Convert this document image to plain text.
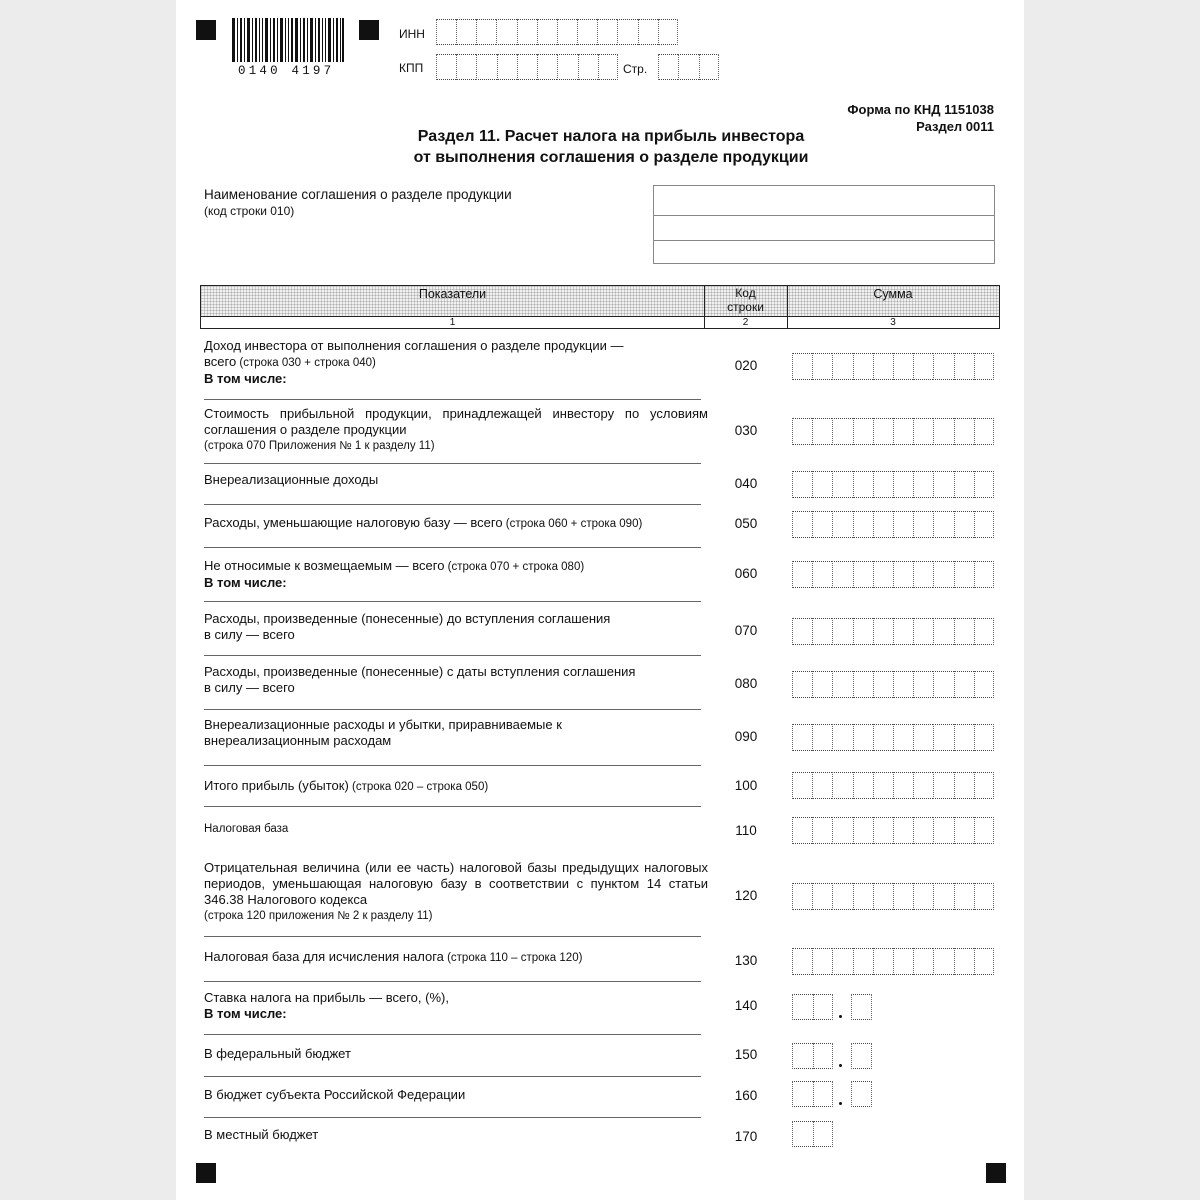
0140 4197
ИНН
КПП	Стр.
Форма по КНД 1151038
Раздел 0011
Раздел 11. Расчет налога на прибыль инвестора
от выполнения соглашения о разделе продукции
Наименование соглашения о разделе продукции
(код строки 010)
Показатели	Код
строки
Сумма
1	2	3
Доход инвестора от выполнения соглашения о разделе продукции —
всего (строка 030 + строка 040)
В том числе:
020
Стоимость прибыльной продукции, принадлежащей инвестору по условиям соглашения о разделе продукции
(строка 070 Приложения № 1 к разделу 11)
030
Внереализационные доходы	040
Расходы, уменьшающие налоговую базу — всего (строка 060 + строка 090)	050
Не относимые к возмещаемым — всего (строка 070 + строка 080)
В том числе:
060
Расходы, произведенные (понесенные) до вступления соглашения
в силу — всего	070
Расходы, произведенные (понесенные) с даты вступления соглашения
в силу — всего	080
Внереализационные расходы и убытки, приравниваемые к
внереализационным расходам	090
Итого прибыль (убыток) (строка 020 – строка 050)	100
Налоговая база	110
Отрицательная величина (или ее часть) налоговой базы предыдущих налоговых периодов, уменьшающая налоговую базу в соответствии с пунктом 14 статьи 346.38 Налогового кодекса
(строка 120 приложения № 2 к разделу 11)
120
Налоговая база для исчисления налога (строка 110 – строка 120)	130
Ставка налога на прибыль — всего, (%),
В том числе:
140
В федеральный бюджет	150
В бюджет субъекта Российской Федерации	160
В местный бюджет	170
